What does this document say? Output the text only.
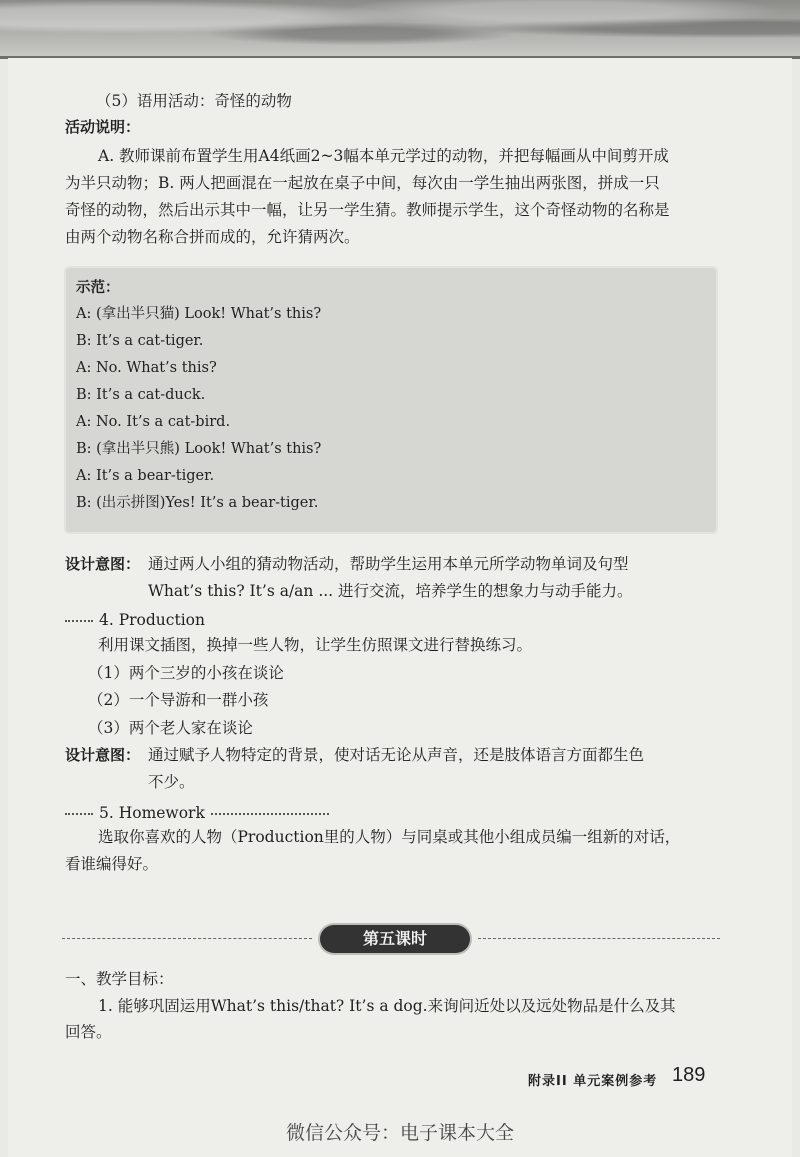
（5）语用活动：奇怪的动物
活动说明：
A. 教师课前布置学生用A4纸画2~3幅本单元学过的动物，并把每幅画从中间剪开成
为半只动物；B. 两人把画混在一起放在桌子中间，每次由一学生抽出两张图，拼成一只
奇怪的动物，然后出示其中一幅，让另一学生猜。教师提示学生，这个奇怪动物的名称是
由两个动物名称合拼而成的，允许猜两次。
示范：
A: (拿出半只猫) Look! What’s this?
B: It’s a cat-tiger.
A: No. What’s this?
B: It’s a cat-duck.
A: No. It’s a cat-bird.
B: (拿出半只熊) Look! What’s this?
A: It’s a bear-tiger.
B: (出示拼图)Yes! It’s a bear-tiger.
设计意图： 通过两人小组的猜动物活动，帮助学生运用本单元所学动物单词及句型
What’s this? It’s a/an ... 进行交流，培养学生的想象力与动手能力。
4. Production
利用课文插图，换掉一些人物，让学生仿照课文进行替换练习。
（1）两个三岁的小孩在谈论
（2）一个导游和一群小孩
（3）两个老人家在谈论
设计意图： 通过赋予人物特定的背景，使对话无论从声音，还是肢体语言方面都生色
不少。
5. Homework
选取你喜欢的人物（Production里的人物）与同桌或其他小组成员编一组新的对话，
看谁编得好。
第五课时
一、教学目标：
1. 能够巩固运用What’s this/that? It’s a dog.来询问近处以及远处物品是什么及其
回答。
附录II 单元案例参考 189
微信公众号：电子课本大全
